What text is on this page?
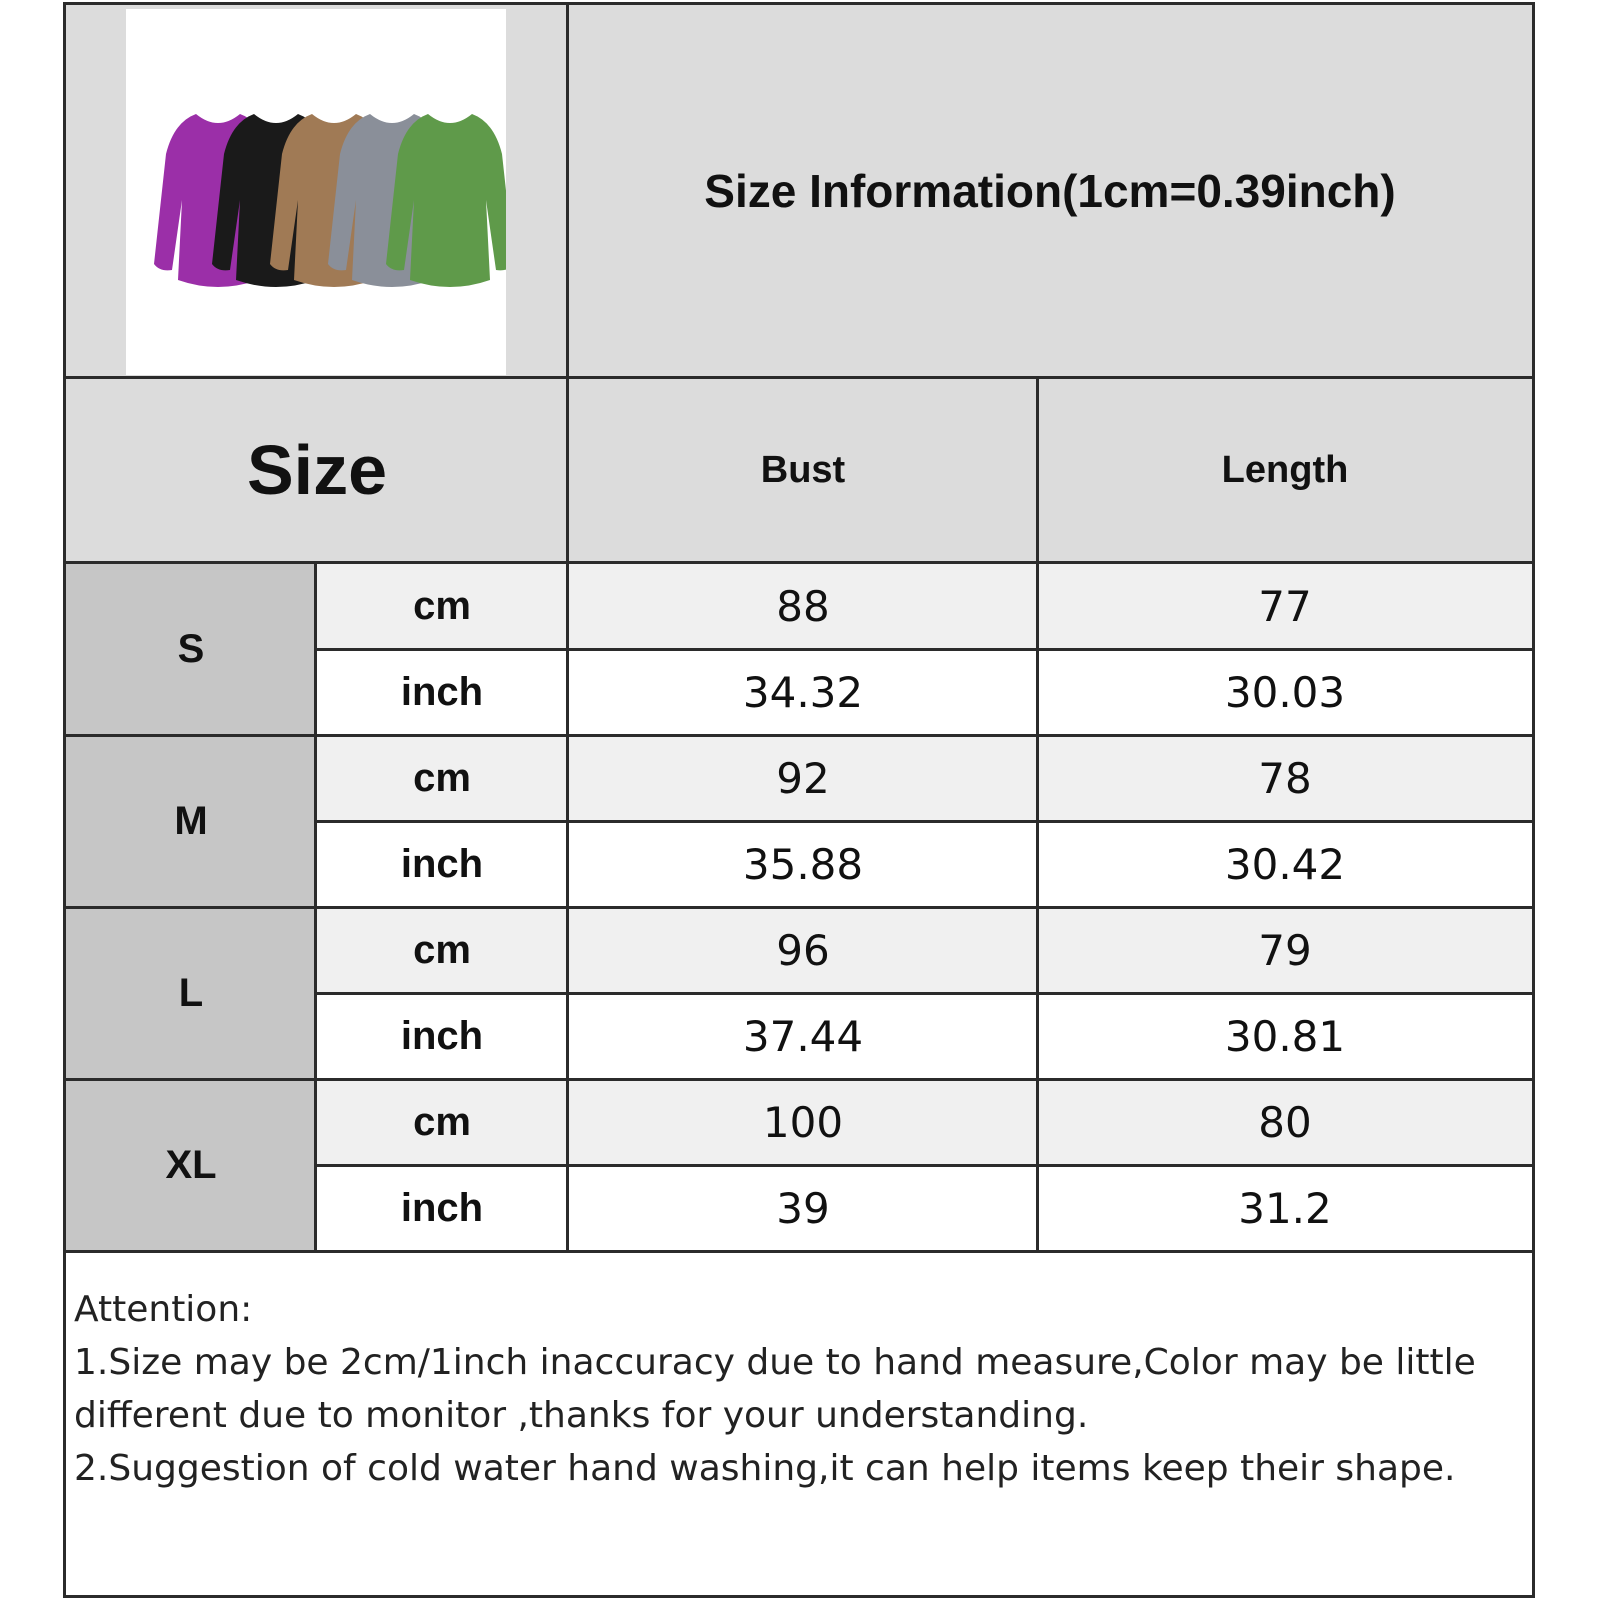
Size Information(1cm=0.39inch)
Size	Bust	Length
S
cm	88	77
inch	34.32	30.03
M
cm	92	78
inch	35.88	30.42
L
cm	96	79
inch	37.44	30.81
XL
cm	100	80
inch	39	31.2
Attention:
1.Size may be 2cm/1inch inaccuracy due to hand measure,Color may be little different due to monitor ,thanks for your understanding.
2.Suggestion of cold water hand washing,it can help items keep their shape.
